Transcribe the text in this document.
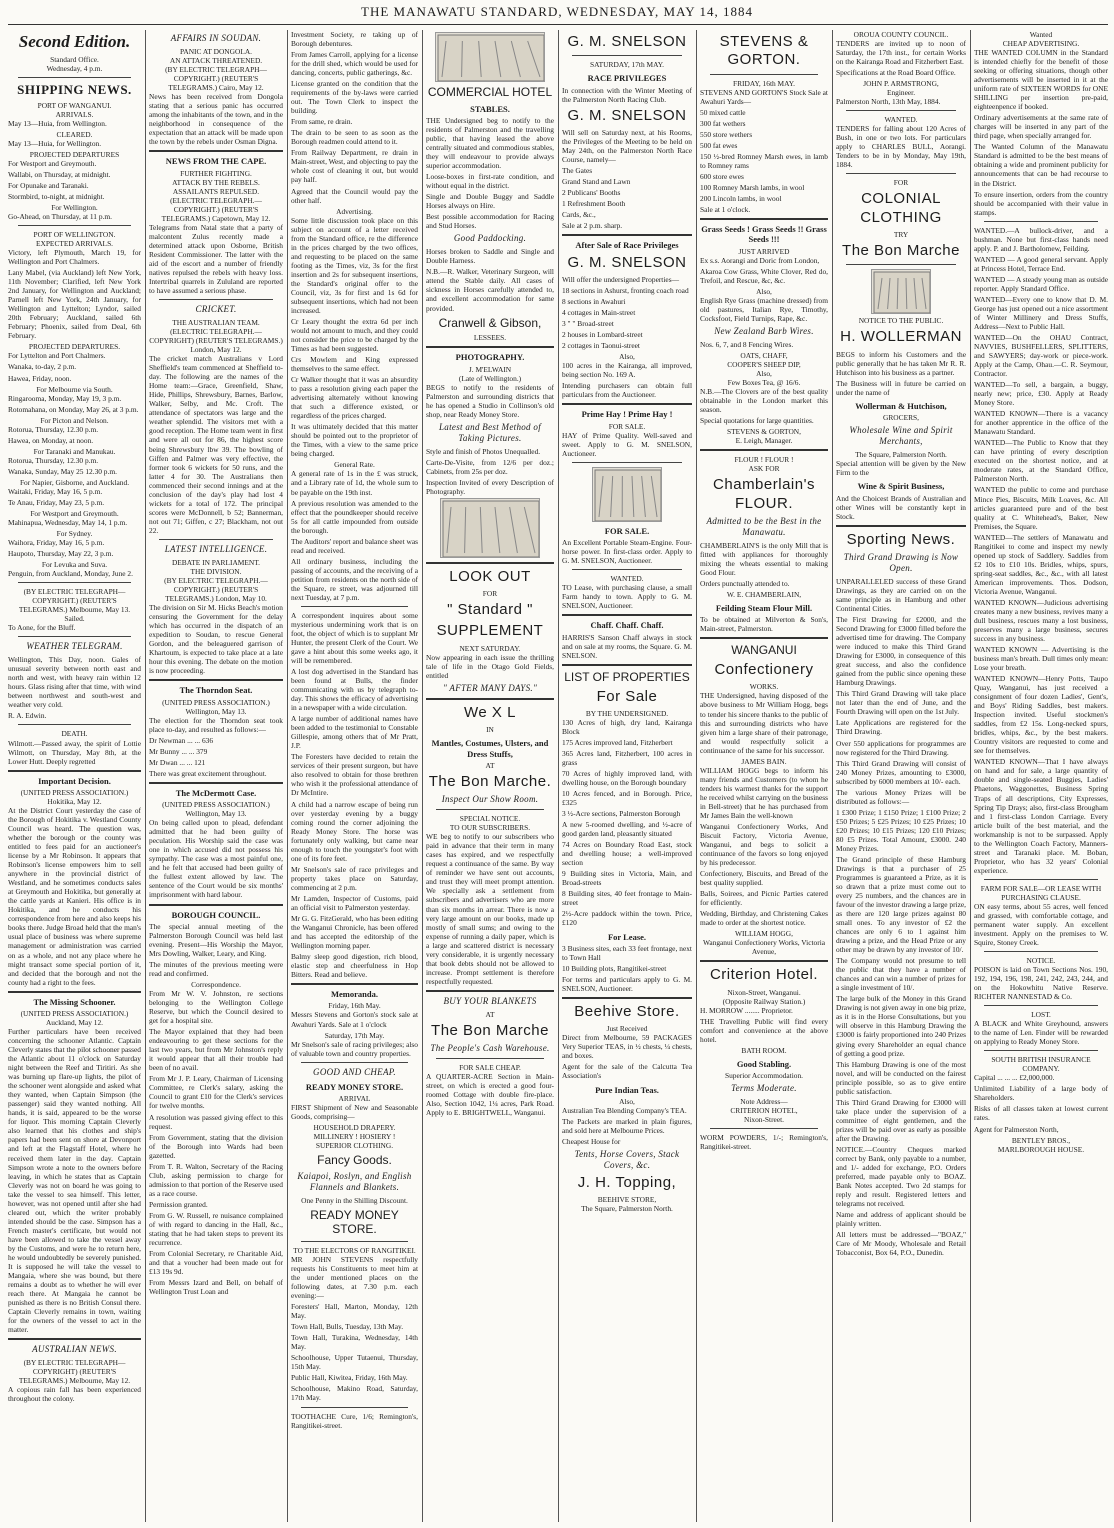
THE MANAWATU STANDARD, WEDNESDAY, MAY 14, 1884
Second Edition.
Standard Office.
Wednesday, 4 p.m.
SHIPPING NEWS.
PORT OF WANGANUI.
ARRIVALS.

May 13—Huia, from Wellington.

CLEARED.

May 13—Huia, for Wellington.

PROJECTED DEPARTURES

For Westport and Greymouth.

Wallabi, on Thursday, at midnight.

For Opunake and Taranaki.

Stormbird, to-night, at midnight.

For Wellington.

Go-Ahead, on Thursday, at 11 p.m.

PORT OF WELLINGTON.
EXPECTED ARRIVALS.

Victory, left Plymouth, March 19, for Wellington and Port Chalmers.

Lany Mabel, (via Auckland) left New York, 11th November; Clarified, left New York 2nd January, for Wellington and Auckland; Parnell left New York, 24th January, for Wellington and Lyttelton; Lyndor, sailed 20th February; Auckland, sailed 6th February; Phoenix, sailed from Deal, 6th February.

PROJECTED DEPARTURES.

For Lyttelton and Port Chalmers.

Wanaka, to-day, 2 p.m.

Hawea, Friday, noon.

For Melbourne via South.

Ringarooma, Monday, May 19, 3 p.m.

Rotomahana, on Monday, May 26, at 3 p.m.

For Picton and Nelson.

Rotorua, Thursday, 12.30 p.m.

Hawea, on Monday, at noon.

For Taranaki and Manukau.

Rotorua, Thursday, 12.30 p.m.

Wanaka, Sunday, May 25 12.30 p.m.

For Napier, Gisborne, and Auckland.

Waitaki, Friday, May 16, 5 p.m.

Te Anau, Friday, May 23, 5 p.m.

For Westport and Greymouth.

Mahinapua, Wednesday, May 14, 1 p.m.

For Sydney.

Waihora, Friday, May 16, 5 p.m.

Haupoto, Thursday, May 22, 3 p.m.

For Levuka and Suva.

Penguin, from Auckland, Monday, June 2.

(BY ELECTRIC TELEGRAPH—COPYRIGHT.) (REUTER'S TELEGRAMS.) Melbourne, May 13.
Sailed.

To Aone, for the Bluff.

WEATHER TELEGRAM.

Wellington, This Day, noon. Gales of unusual severity between north east and north and west, with heavy rain within 12 hours. Glass rising after that time, with wind between northwest and south-west and weather very cold.

R. A. Edwin.

DEATH.

Wilmott.—Passed away, the spirit of Lottie Wilmott, on Thursday, May 8th, at the Lower Hutt. Deeply regretted

Important Decision.
(UNITED PRESS ASSOCIATION.) Hokitika, May 12.

At the District Court yesterday the case of the Borough of Hokitika v. Westland County Council was heard. The question was, whether the borough or the county was entitled to fees paid for an auctioneer's license by a Mr Robinson. It appears that Robinson's license empowers him to sell anywhere in the provincial district of Westland, and he sometimes conducts sales at Greymouth and Hokitika, but generally at the cattle yards at Kanieri. His office is in Hokitika, and he conducts his correspondence from here and also keeps his books there. Judge Broad held that the man's usual place of business was where supreme management or administration was carried on as a whole, and not any place where he might transact some special portion of it, and decided that the borough and not the county had a right to the fees.

The Missing Schooner.
(UNITED PRESS ASSOCIATION.) Auckland, May 12.

Further particulars have been received concerning the schooner Atlantic. Captain Cleverly states that the pilot schooner passed the Atlantic about 11 o'clock on Saturday night between the Reef and Tiritiri. As she was burning up flare-up lights, the pilot of the schooner went alongside and asked what they wanted, when Captain Simpson (the passenger) said they wanted nothing. All hands, it is said, appeared to be the worse for liquor. This morning Captain Cleverly also learned that his clothes and ship's papers had been sent on shore at Devonport and left at the Flagstaff Hotel, where he received them later in the day. Captain Simpson wrote a note to the owners before leaving, in which he states that as Captain Cleverly was not on board he was going to take the vessel to sea himself. This letter, however, was not opened until after she had cleared out, which the writer probably intended should be the case. Simpson has a French master's certificate, but would not have been allowed to take the vessel away by the Customs, and were he to return here, he would undoubtedly be severely punished. It is supposed he will take the vessel to Mangaia, where she was bound, but there remains a doubt as to whether he will ever reach there. At Mangaia he cannot be punished as there is no British Consul there. Captain Cleverly remains in town, waiting for the owners of the vessel to act in the matter.

AUSTRALIAN NEWS.
(BY ELECTRIC TELEGRAPH—COPYRIGHT) (REUTER'S TELEGRAMS.) Melbourne, May 12.

A copious rain fall has been experienced throughout the colony.

AFFAIRS IN SOUDAN.
PANIC AT DONGOLA.
AN ATTACK THREATENED.
(BY ELECTRIC TELEGRAPH—COPYRIGHT.) (REUTER'S TELEGRAMS.) Cairo, May 12.

News has been received from Dongola stating that a serious panic has occurred among the inhabitants of the town, and in the neighborhood in consequence of the expectation that an attack will be made upon the town by the rebels under Osman Digna.

NEWS FROM THE CAPE.
FURTHER FIGHTING.
ATTACK BY THE REBELS.
ASSAILANTS REPULSED.
(ELECTRIC TELEGRAPH.—COPYRIGHT.) (REUTER'S TELEGRAMS.) Capetown, May 12.

Telegrams from Natal state that a party of malcontent Zulus recently made a determined attack upon Osborne, British Resident Commissioner. The latter with the aid of the escort and a number of friendly natives repulsed the rebels with heavy loss. Intertribal quarrels in Zululand are reported to have assumed a serious phase.

CRICKET.
THE AUSTRALIAN TEAM.
(ELECTRIC TELEGRAPH.—COPYRIGHT) (REUTER'S TELEGRAMS.) London, May 12.

The cricket match Australians v Lord Sheffield's team commenced at Sheffield to-day. The following are the names of the Home team:—Grace, Greenfield, Shaw, Hide, Phillips, Shrewsbury, Barnes, Barlow, Walker, Selby, and Mc. Croft. The attendance of spectators was large and the weather splendid. The visitors met with a good reception. The Home team went in first and were all out for 86, the highest score being Shrewsbury lbw 39. The bowling of Giffen and Palmer was very effective, the former took 6 wickets for 50 runs, and the latter 4 for 30. The Australians then commenced their second innings and at the conclusion of the day's play had lost 4 wickets for a total of 172. The principal scores were McDonnell, b 52; Bannerman, not out 71; Giffen, c 27; Blackham, not out 22.

LATEST INTELLIGENCE.
DEBATE IN PARLIAMENT.
THE DIVISION.
(BY ELECTRIC TELEGRAPH.—COPYRIGHT.) (REUTER'S TELEGRAMS.) London, May 10.

The division on Sir M. Hicks Beach's motion censuring the Government for the delay which has occurred in the dispatch of an expedition to Soudan, to rescue General Gordon, and the beleaguered garrison of Khartoum, is expected to take place at a late hour this evening. The debate on the motion is now proceeding.

The Thorndon Seat.
(UNITED PRESS ASSOCIATION.) Wellington, May 13.

The election for the Thorndon seat took place to-day, and resulted as follows:—

Dr Newman ... ... 636

Mr Bunny ... ... 379

Mr Dwan ... ... 121

There was great excitement throughout.

The McDermott Case.
(UNITED PRESS ASSOCIATION.) Wellington, May 13.

On being called upon to plead, defendant admitted that he had been guilty of peculation. His Worship said the case was one in which accused did not possess his sympathy. The case was a most painful one, and he felt that accused had been guilty of the fullest extent allowed by law. The sentence of the Court would be six months' imprisonment with hard labour.

BOROUGH COUNCIL.

The special annual meeting of the Palmerston Borough Council was held last evening. Present—His Worship the Mayor, Mrs Dowling, Walker, Leary, and King.

The minutes of the previous meeting were read and confirmed.

Correspondence.

From Mr W. V. Johnston, re sections belonging to the Wellington College Reserve, but which the Council desired to get for a hospital site.

The Mayor explained that they had been endeavouring to get these sections for the last two years, but from Mr Johnston's reply it would appear that all their trouble had been of no avail.

From Mr J. P. Leary, Chairman of Licensing Committee, re Clerk's salary, asking the Council to grant £10 for the Clerk's services for twelve months.

A resolution was passed giving effect to this request.

From Government, stating that the division of the Borough into Wards had been gazetted.

From T. R. Walton, Secretary of the Racing Club, asking permission to charge for admission to that portion of the Reserve used as a race course.

Permission granted.

From G. W. Russell, re nuisance complained of with regard to dancing in the Hall, &c., stating that he had taken steps to prevent its recurrence.

From Colonial Secretary, re Charitable Aid, and that a voucher had been made out for £13 19s 9d.

From Messrs Izard and Bell, on behalf of Wellington Trust Loan and

Investment Society, re taking up of Borough debentures.

From James Carroll, applying for a license for the drill shed, which would be used for dancing, concerts, public gatherings, &c.

License granted on the condition that the requirements of the by-laws were carried out. The Town Clerk to inspect the building.

From same, re drain.

The drain to be seen to as soon as the Borough readmen could attend to it.

From Railway Department, re drain in Main-street, West, and objecting to pay the whole cost of cleaning it out, but would pay half.

Agreed that the Council would pay the other half.

Advertising.

Some little discussion took place on this subject on account of a letter received from the Standard office, re the difference in the prices charged by the two offices, and requesting to be placed on the same footing as the Times, viz, 3s for the first insertion and 2s for subsequent insertions, the Standard's original offer to the Council, viz, 3s for first and 1s 6d for subsequent insertions, which had not been increased.

Cr Leary thought the extra 6d per inch would not amount to much, and they could not consider the price to be charged by the Times as had been suggested.

Crs Mowlem and King expressed themselves to the same effect.

Cr Walker thought that it was an absurdity to pass a resolution giving each paper the advertising alternately without knowing that such a difference existed, or regardless of the prices charged.

It was ultimately decided that this matter should be pointed out to the proprietor of the Times, with a view to the same price being charged.

General Rate.

A general rate of 1s in the £ was struck, and a Library rate of 1d, the whole sum to be payable on the 19th inst.

A previous resolution was amended to the effect that the poundkeeper should receive 5s for all cattle impounded from outside the borough.

The Auditors' report and balance sheet was read and received.

All ordinary business, including the passing of accounts, and the receiving of a petition from residents on the north side of the Square, re street, was adjourned till next Tuesday, at 7 p.m.

A correspondent inquires about some mysterious undermining work that is on foot, the object of which is to supplant Mr Hunter, the present Clerk of the Court. We gave a hint about this some weeks ago, it will be remembered.

A lost dog advertised in the Standard has been found at Bulls, the finder communicating with us by telegraph to-day. This shows the efficacy of advertising in a newspaper with a wide circulation.

A large number of additional names have been added to the testimonial to Constable Gillespie, among others that of Mr Pratt, J.P.

The Foresters have decided to retain the services of their present surgeon, but have also resolved to obtain for those brethren who wish it the professional attendance of Dr McIntire.

A child had a narrow escape of being run over yesterday evening by a buggy coming round the corner adjoining the Ready Money Store. The horse was fortunately only walking, but came near enough to touch the youngster's foot with one of its fore feet.

Mr Snelson's sale of race privileges and property takes place on Saturday, commencing at 2 p.m.

Mr Lamden, Inspector of Customs, paid an official visit to Palmerston yesterday.

Mr G. G. FitzGerald, who has been editing the Wanganui Chronicle, has been offered and has accepted the editorship of the Wellington morning paper.

Balmy sleep good digestion, rich blood, elastic step and cheerfulness in Hop Bitters. Read and believe.

Memoranda.
Friday, 16th May.

Messrs Stevens and Gorton's stock sale at Awahuri Yards. Sale at 1 o'clock

Saturday, 17th May.

Mr Snelson's sale of racing privileges; also of valuable town and country properties.

GOOD AND CHEAP.
READY MONEY STORE.
ARRIVAL

FIRST Shipment of New and Seasonable Goods, comprising—

HOUSEHOLD DRAPERY.
MILLINERY ! HOSIERY !
SUPERIOR CLOTHING.
Fancy Goods.
Kaiapoi, Roslyn, and English Flannels and Blankets.
One Penny in the Shilling Discount.
READY MONEY STORE.
TO THE ELECTORS OF RANGITIKEI.

MR JOHN STEVENS respectfully requests his Constituents to meet him at the under mentioned places on the following dates, at 7.30 p.m. each evening:—

Foresters' Hall, Marton, Monday, 12th May.

Town Hall, Bulls, Tuesday, 13th May.

Town Hall, Turakina, Wednesday, 14th May.

Schoolhouse, Upper Tutaenui, Thursday, 15th May.

Public Hall, Kiwitea, Friday, 16th May.

Schoolhouse, Makino Road, Saturday, 17th May.

TOOTHACHE Cure, 1/6; Remington's, Rangitikei-street.

COMMERCIAL HOTEL
STABLES.

THE Undersigned beg to notify to the residents of Palmerston and the travelling public, that having leased the above centrally situated and commodious stables, they will endeavour to provide always superior accommodation.

Loose-boxes in first-rate condition, and without equal in the district.

Single and Double Buggy and Saddle Horses always on Hire.

Best possible accommodation for Racing and Stud Horses.

Good Paddocking.

Horses broken to Saddle and Single and Double Harness.

N.B.—R. Walker, Veterinary Surgeon, will attend the Stable daily. All cases of sickness in Horses carefully attended to, and excellent accommodation for same provided.

Cranwell & Gibson,
LESSEES.
PHOTOGRAPHY.
J. M'ELWAIN
(Late of Wellington.)

BEGS to notify to the residents of Palmerston and surrounding districts that he has opened a Studio in Collinson's old shop, near Ready Money Store.

Latest and Best Method of Taking Pictures.

Style and finish of Photos Unequalled.

Carte-De-Visite, from 12/6 per doz.; Cabinets, from 25s per doz.

Inspection Invited of every Description of Photography.

LOOK OUT
FOR
" Standard "
SUPPLEMENT
NEXT SATURDAY.

Now appearing in each issue the thrilling tale of life in the Otago Gold Fields, entitled

" AFTER MANY DAYS."
We X L
IN
Mantles, Costumes, Ulsters, and Dress Stuffs,
AT
The Bon Marche.
Inspect Our Show Room.
SPECIAL NOTICE.
TO OUR SUBSCRIBERS.

WE beg to notify to our subscribers who paid in advance that their term in many cases has expired, and we respectfully request a continuance of the same. By way of reminder we have sent out accounts, and trust they will meet prompt attention. We specially ask a settlement from subscribers and advertisers who are more than six months in arrear. There is now a very large amount on our books, made up mostly of small sums; and owing to the expense of running a daily paper, which is a large and scattered district is necessary very considerable, it is urgently necessary that book debts should not be allowed to increase. Prompt settlement is therefore respectfully requested.

BUY YOUR BLANKETS
AT
The Bon Marche
The People's Cash Warehouse.
FOR SALE CHEAP.

A QUARTER-ACRE Section in Main-street, on which is erected a good four-roomed Cottage with double fire-place. Also, Section 1042, 1¼ acres, Park Road. Apply to E. BRIGHTWELL, Wanganui.

G. M. SNELSON
SATURDAY, 17th MAY.
RACE PRIVILEGES

In connection with the Winter Meeting of the Palmerston North Racing Club.

G. M. SNELSON

Will sell on Saturday next, at his Rooms, the Privileges of the Meeting to be held on May 24th, on the Palmerston North Race Course, namely—

The Gates

Grand Stand and Lawn

2 Publicans' Booths

1 Refreshment Booth

Cards, &c.,

Sale at 2 p.m. sharp.

After Sale of Race Privileges
G. M. SNELSON

Will offer the undersigned Properties—

18 sections in Ashurst, fronting coach road

8 sections in Awahuri

4 cottages in Main-street

3 " " Broad-street

2 houses in Lombard-street

2 cottages in Taonui-street

Also,

100 acres in the Kairanga, all improved, being section No. 169 A.

Intending purchasers can obtain full particulars from the Auctioneer.

Prime Hay ! Prime Hay !
FOR SALE.

HAY of Prime Quality. Well-saved and sweet. Apply to G. M. SNELSON, Auctioneer.

FOR SALE.

An Excellent Portable Steam-Engine. Four-horse power. In first-class order. Apply to G. M. SNELSON, Auctioneer.

WANTED.

TO Lease, with purchasing clause, a small Farm handy to town. Apply to G. M. SNELSON, Auctioneer.

Chaff. Chaff. Chaff.

HARRIS'S Sanson Chaff always in stock and on sale at my rooms, the Square. G. M. SNELSON.

LIST OF PROPERTIES
For Sale
BY THE UNDERSIGNED.

130 Acres of high, dry land, Kairanga Block

175 Acres improved land, Fitzherbert

365 Acres land, Fitzherbert, 100 acres in grass

70 Acres of highly improved land, with dwelling house, on the Borough boundary

10 Acres fenced, and in Borough. Price, £325

3 ½-Acre sections, Palmerston Borough

A new 5-roomed dwelling, and ½-acre of good garden land, pleasantly situated

74 Acres on Boundary Road East, stock and dwelling house; a well-improved section

9 Building sites in Victoria, Main, and Broad-streets

8 Building sites, 40 feet frontage to Main-street

2½-Acre paddock within the town. Price, £120

For Lease.

3 Business sites, each 33 feet frontage, next to Town Hall

10 Building plots, Rangitikei-street

For terms and particulars apply to G. M. SNELSON, Auctioneer.

Beehive Store.
Just Received

Direct from Melbourne, 59 PACKAGES Very Superior TEAS, in ½ chests, ¼ chests, and boxes.

Agent for the sale of the Calcutta Tea Association's

Pure Indian Teas.
Also,

Australian Tea Blending Company's TEA.

The Packets are marked in plain figures, and sold here at Melbourne Prices.

Cheapest House for

Tents, Horse Covers, Stack Covers, &c.
J. H. Topping,
BEEHIVE STORE,
The Square, Palmerston North.
STEVENS & GORTON.
FRIDAY, 16th MAY.

STEVENS AND GORTON'S Stock Sale at Awahuri Yards—

50 mixed cattle

300 fat wethers

550 store wethers

500 fat ewes

150 ½-bred Romney Marsh ewes, in lamb to Romney rams

600 store ewes

100 Romney Marsh lambs, in wool

200 Lincoln lambs, in wool

Sale at 1 o'clock.

Grass Seeds ! Grass Seeds !! Grass Seeds !!!
JUST ARRIVED

Ex s.s. Aorangi and Doric from London,

Akaroa Cow Grass, White Clover, Red do, Trefoil, and Rescue, &c, &c.

Also,

English Rye Grass (machine dressed) from old pastures, Italian Rye, Timothy, Cocksfoot, Field Turnips, Rape, &c.

New Zealand Barb Wires.

Nos. 6, 7, and 8 Fencing Wires.

OATS, CHAFF,
COOPER'S SHEEP DIP,
Also,
Few Boxes Tea, @ 16/6.

N.B.—The Clovers are of the best quality obtainable in the London market this season.

Special quotations for large quantities.

STEVENS & GORTON,
E. Leigh, Manager.
FLOUR ! FLOUR !
ASK FOR
Chamberlain's FLOUR.
Admitted to be the Best in the Manawatu.

CHAMBERLAIN'S is the only Mill that is fitted with appliances for thoroughly mixing the wheats essential to making Good Flour.

Orders punctually attended to.

W. E. CHAMBERLAIN,
Feilding Steam Flour Mill.

To be obtained at Milverton & Son's, Main-street, Palmerston.

WANGANUI
Confectionery
WORKS.

THE Undersigned, having disposed of the above business to Mr William Hogg, begs to tender his sincere thanks to the public of this and surrounding districts who have given him a large share of their patronage, and would respectfully solicit a continuance of the same for his successor.

JAMES BAIN.

WILLIAM HOGG begs to inform his many friends and Customers (to whom he tenders his warmest thanks for the support he received whilst carrying on the business in Bell-street) that he has purchased from Mr James Bain the well-known

Wanganui Confectionery Works, And Biscuit Factory, Victoria Avenue, Wanganui, and begs to solicit a continuance of the favors so long enjoyed by his predecessor.

Confectionery, Biscuits, and Bread of the best quality supplied.

Balls, Soirees, and Picnic Parties catered for efficiently.

Wedding, Birthday, and Christening Cakes made to order at the shortest notice.

WILLIAM HOGG,
Wanganui Confectionery Works, Victoria Avenue,
Criterion Hotel.
Nixon-Street, Wanganui.
(Opposite Railway Station.)

H. MORROW ........ Proprietor.

THE Travelling Public will find every comfort and convenience at the above hotel.

BATH ROOM.
Good Stabling.
Superior Accommodation.
Terms Moderate.
Note Address—
CRITERION HOTEL,
Nixon-Street.

WORM POWDERS, 1/-; Remington's, Rangitikei-street.

OROUA COUNTY COUNCIL.

TENDERS are invited up to noon of Saturday, the 17th inst., for certain Works on the Kairanga Road and Fitzherbert East.

Specifications at the Road Board Office.

JOHN P. ARMSTRONG,
Engineer.

Palmerston North, 13th May, 1884.

WANTED.

TENDERS for falling about 120 Acres of Bush, in one or two lots. For particulars apply to CHARLES BULL, Aorangi. Tenders to be in by Monday, May 19th, 1884.

FOR
COLONIAL CLOTHING
TRY
The Bon Marche
NOTICE TO THE PUBLIC.
H. WOLLERMAN

BEGS to inform his Customers and the public generally that he has taken Mr R. R. Hutchison into his business as a partner.

The Business will in future be carried on under the name of

Wollerman & Hutchison,
GROCERS,
Wholesale Wine and Spirit Merchants,
The Square, Palmerston North.

Special attention will be given by the New Firm to the

Wine & Spirit Business,

And the Choicest Brands of Australian and other Wines will be constantly kept in Stock.

Sporting News.
Third Grand Drawing is Now Open.

UNPARALLELED success of these Grand Drawings, as they are carried on on the same principle as in Hamburg and other Continental Cities.

The First Drawing for £2000, and the Second Drawing for £3000 filled before the advertised time for drawing. The Company were induced to make this Third Grand Drawing for £3000, in consequence of this great success, and also the confidence gained from the public since opening these Hamburg Drawings.

This Third Grand Drawing will take place not later than the end of June, and the Fourth Drawing will open on the 1st July.

Late Applications are registered for the Third Drawing.

Over 550 applications for programmes are now registered for the Third Drawing.

This Third Grand Drawing will consist of 240 Money Prizes, amounting to £3000, subscribed by 6000 members at 10/- each.

The various Money Prizes will be distributed as follows:—

1 £300 Prize; 1 £150 Prize; 1 £100 Prize; 2 £50 Prizes; 5 £25 Prizes; 10 £25 Prizes; 10 £20 Prizes; 10 £15 Prizes; 120 £10 Prizes; 80 £5 Prizes. Total Amount, £3000. 240 Money Prizes.

The Grand principle of these Hamburg Drawings is that a purchaser of 25 Programmes is guaranteed a Prize, as it is so drawn that a prize must come out to every 25 numbers, and the chances are in favour of the investor drawing a large prize, as there are 120 large prizes against 80 small ones. To any investor of £2 the chances are only 6 to 1 against him drawing a prize, and the Head Prize or any other may be drawn by any investor of 10/.

The Company would not presume to tell the public that they have a number of chances and can win a number of prizes for a single investment of 10/.

The large bulk of the Money in this Grand Drawing is not given away in one big prize, as it is in the Horse Consultations, but you will observe in this Hamburg Drawing the £3000 is fairly proportioned into 240 Prizes giving every Shareholder an equal chance of getting a good prize.

This Hamburg Drawing is one of the most novel, and will be conducted on the fairest principle possible, so as to give entire public satisfaction.

This Third Grand Drawing for £3000 will take place under the supervision of a committee of eight gentlemen, and the prizes will be paid over as early as possible after the Drawing.

NOTICE.—Country Cheques marked correct by Bank, only payable to a number, and 1/- added for exchange, P.O. Orders preferred, made payable only to BOAZ. Bank Notes accepted. Two 2d stamps for reply and result. Registered letters and telegrams not received.

Name and address of applicant should be plainly written.

All letters must be addressed—"BOAZ," Care of Mr Moody, Wholesale and Retail Tobacconist, Box 64, P.O., Dunedin.

Wanted
CHEAP ADVERTISING.

THE WANTED COLUMN in the Standard is intended chiefly for the benefit of those seeking or offering situations, though other advertisements will be inserted in it at the uniform rate of SIXTEEN WORDS for ONE SHILLING per insertion pre-paid, eighteenpence if booked.

Ordinary advertisements at the same rate of charges will be inserted in any part of the third page, when specially arranged for.

The Wanted Column of the Manawatu Standard is admitted to be the best means of obtaining a wide and prominent publicity for announcements that can be had recourse to in the District.

To ensure insertion, orders from the country should be accompanied with their value in stamps.

WANTED.—A bullock-driver, and a bushman. None but first-class hands need apply. P. and J. Bartholomew, Feilding.

WANTED — A good general servant. Apply at Princess Hotel, Terrace End.

WANTED — A steady young man as outside reporter. Apply Standard Office.

WANTED—Every one to know that D. M. George has just opened out a nice assortment of Winter Millinery and Dress Stuffs, Address—Next to Public Hall.

WANTED—On the OHAU Contract, NAVVIES, BUSHFELLERS, SPLITTERS, and SAWYERS; day-work or piece-work. Apply at the Camp, Ohau.—C. R. Seymour, Contractor.

WANTED—To sell, a bargain, a buggy, nearly new; price, £30. Apply at Ready Money Store.

WANTED KNOWN—There is a vacancy for another apprentice in the office of the Manawatu Standard.

WANTED—The Public to Know that they can have printing of every description executed on the shortest notice, and at moderate rates, at the Standard Office, Palmerston North.

WANTED the public to come and purchase Mince Pies, Biscuits, Milk Loaves, &c. All articles guaranteed pure and of the best quality at C. Whitehead's, Baker, New Premises, the Square.

WANTED—The settlers of Manawatu and Rangitikei to come and inspect my newly opened up stock of Saddlery. Saddles from £2 10s to £10 10s. Bridles, whips, spurs, spring-seat saddles, &c., &c., with all latest American improvements. Thos. Dodson, Victoria Avenue, Wanganui.

WANTED KNOWN—Judicious advertising creates many a new business, revives many a dull business, rescues many a lost business, preserves many a large business, secures success in any business.

WANTED KNOWN — Advertising is the business man's breath. Dull times only mean: Lose your breath.

WANTED KNOWN—Henry Potts, Taupo Quay, Wanganui, has just received a consignment of four dozen Ladies', Gent's, and Boys' Riding Saddles, best makers. Inspection invited. Useful stockmen's saddles, from £2 15s. Long-necked spurs, bridles, whips, &c., by the best makers. Country visitors are requested to come and see for themselves.

WANTED KNOWN—That I have always on hand and for sale, a large quantity of double and single-seated Buggies, Ladies' Phaetons, Waggonettes, Business Spring Traps of all descriptions, City Expresses, Spring Tip Drays; also, first-class Brougham and 1 first-class London Carriage. Every article built of the best material, and the workmanship is not to be surpassed. Apply to the Wellington Coach Factory, Manners-street and Taranaki place. M. Boban, Proprietor, who has 32 years' Colonial experience.

FARM FOR SALE—OR LEASE WITH PURCHASING CLAUSE.

ON easy terms, about 55 acres, well fenced and grassed, with comfortable cottage, and permanent water supply. An excellent investment. Apply on the premises to W. Squire, Stoney Creek.

NOTICE.

POISON is laid on Town Sections Nos. 190, 192, 194, 196, 198, 241, 242, 243, 244, and on the Hokowhitu Native Reserve. RICHTER NANNESTAD & Co.

LOST.

A BLACK and White Greyhound, answers to the name of Len. Finder will be rewarded on applying to Ready Money Store.

SOUTH BRITISH INSURANCE COMPANY.

Capital ... ... ... £2,000,000.

Unlimited Liability of a large body of Shareholders.

Risks of all classes taken at lowest current rates.

Agent for Palmerston North,

BENTLEY BROS.,
MARLBOROUGH HOUSE.
